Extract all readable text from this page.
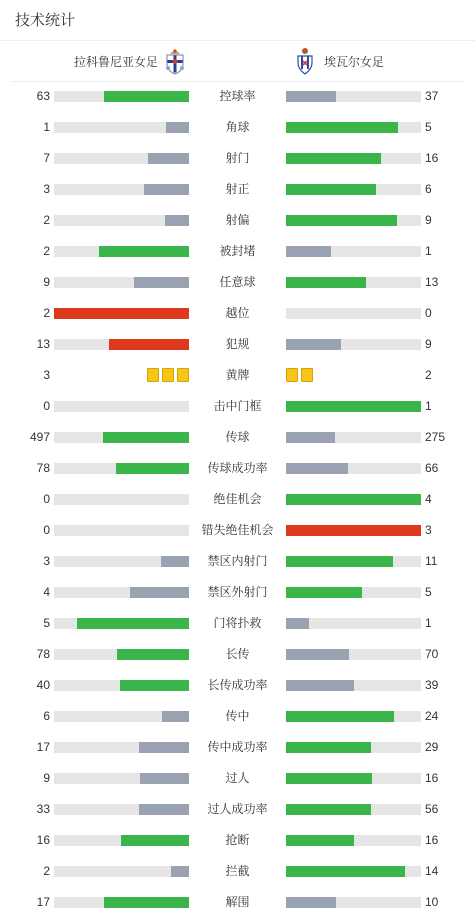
技术统计
拉科鲁尼亚女足	埃瓦尔女足
63	控球率	37
1	角球	5
7	射门	16
3	射正	6
2	射偏	9
2	被封堵	1
9	任意球	13
2	越位	0
13	犯规	9
3	黄牌	2
0	击中门框	1
497	传球	275
78	传球成功率	66
0	绝佳机会	4
0	错失绝佳机会	3
3	禁区内射门	11
4	禁区外射门	5
5	门将扑救	1
78	长传	70
40	长传成功率	39
6	传中	24
17	传中成功率	29
9	过人	16
33	过人成功率	56
16	抢断	16
2	拦截	14
17	解围	10
